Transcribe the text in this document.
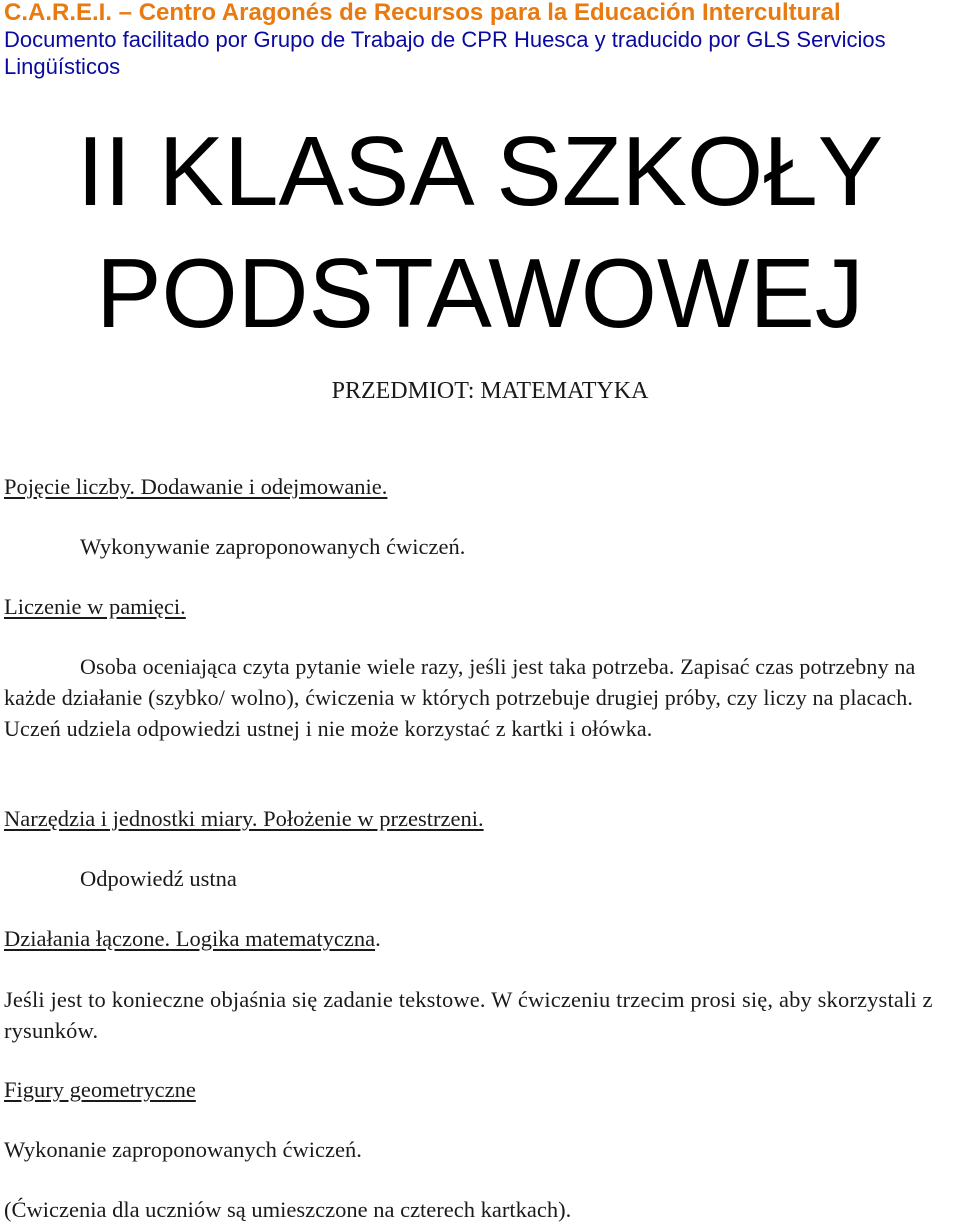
C.A.R.E.I. – Centro Aragonés de Recursos para la Educación Intercultural
Documento facilitado por Grupo de Trabajo de CPR Huesca y traducido por GLS Servicios Lingüísticos
II KLASA SZKOŁY
PODSTAWOWEJ
PRZEDMIOT: MATEMATYKA
Pojęcie liczby. Dodawanie i odejmowanie.
Wykonywanie zaproponowanych ćwiczeń.
Liczenie w pamięci.
Osoba oceniająca czyta pytanie wiele razy, jeśli jest taka potrzeba. Zapisać czas potrzebny na każde działanie (szybko/ wolno), ćwiczenia w których potrzebuje drugiej próby, czy liczy na placach. Uczeń udziela odpowiedzi ustnej i nie może korzystać z kartki i ołówka.
Narzędzia i jednostki miary. Położenie w przestrzeni.
Odpowiedź ustna
Działania łączone. Logika matematyczna.
Jeśli jest to konieczne objaśnia się zadanie tekstowe. W ćwiczeniu trzecim prosi się, aby skorzystali z rysunków.
Figury geometryczne
Wykonanie zaproponowanych ćwiczeń.
(Ćwiczenia dla uczniów są umieszczone na czterech kartkach).
